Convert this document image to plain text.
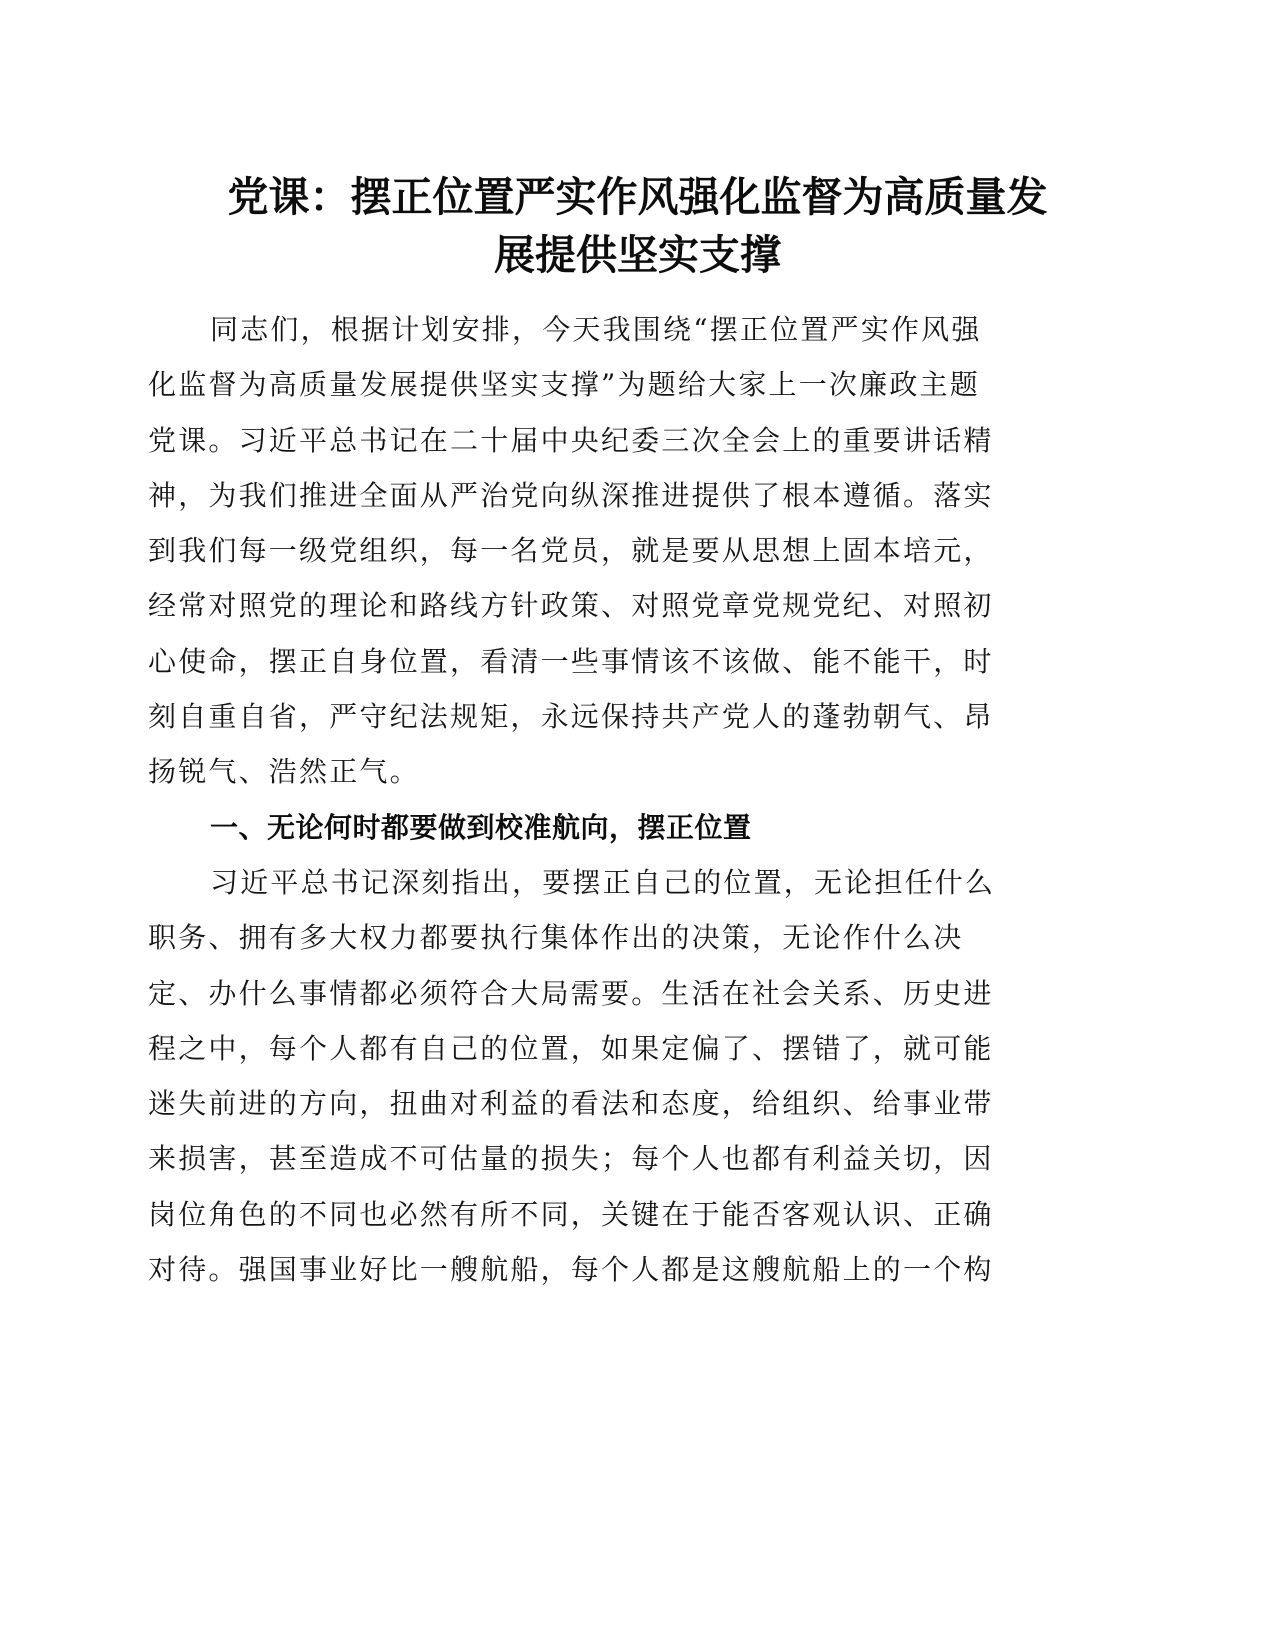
党课：摆正位置严实作风强化监督为高质量发
展提供坚实支撑
同志们，根据计划安排，今天我围绕“摆正位置严实作风强
化监督为高质量发展提供坚实支撑”为题给大家上一次廉政主题
党课。习近平总书记在二十届中央纪委三次全会上的重要讲话精
神，为我们推进全面从严治党向纵深推进提供了根本遵循。落实
到我们每一级党组织，每一名党员，就是要从思想上固本培元，
经常对照党的理论和路线方针政策、对照党章党规党纪、对照初
心使命，摆正自身位置，看清一些事情该不该做、能不能干，时
刻自重自省，严守纪法规矩，永远保持共产党人的蓬勃朝气、昂
扬锐气、浩然正气。
一、无论何时都要做到校准航向，摆正位置
习近平总书记深刻指出，要摆正自己的位置，无论担任什么
职务、拥有多大权力都要执行集体作出的决策，无论作什么决
定、办什么事情都必须符合大局需要。生活在社会关系、历史进
程之中，每个人都有自己的位置，如果定偏了、摆错了，就可能
迷失前进的方向，扭曲对利益的看法和态度，给组织、给事业带
来损害，甚至造成不可估量的损失；每个人也都有利益关切，因
岗位角色的不同也必然有所不同，关键在于能否客观认识、正确
对待。强国事业好比一艘航船，每个人都是这艘航船上的一个构
